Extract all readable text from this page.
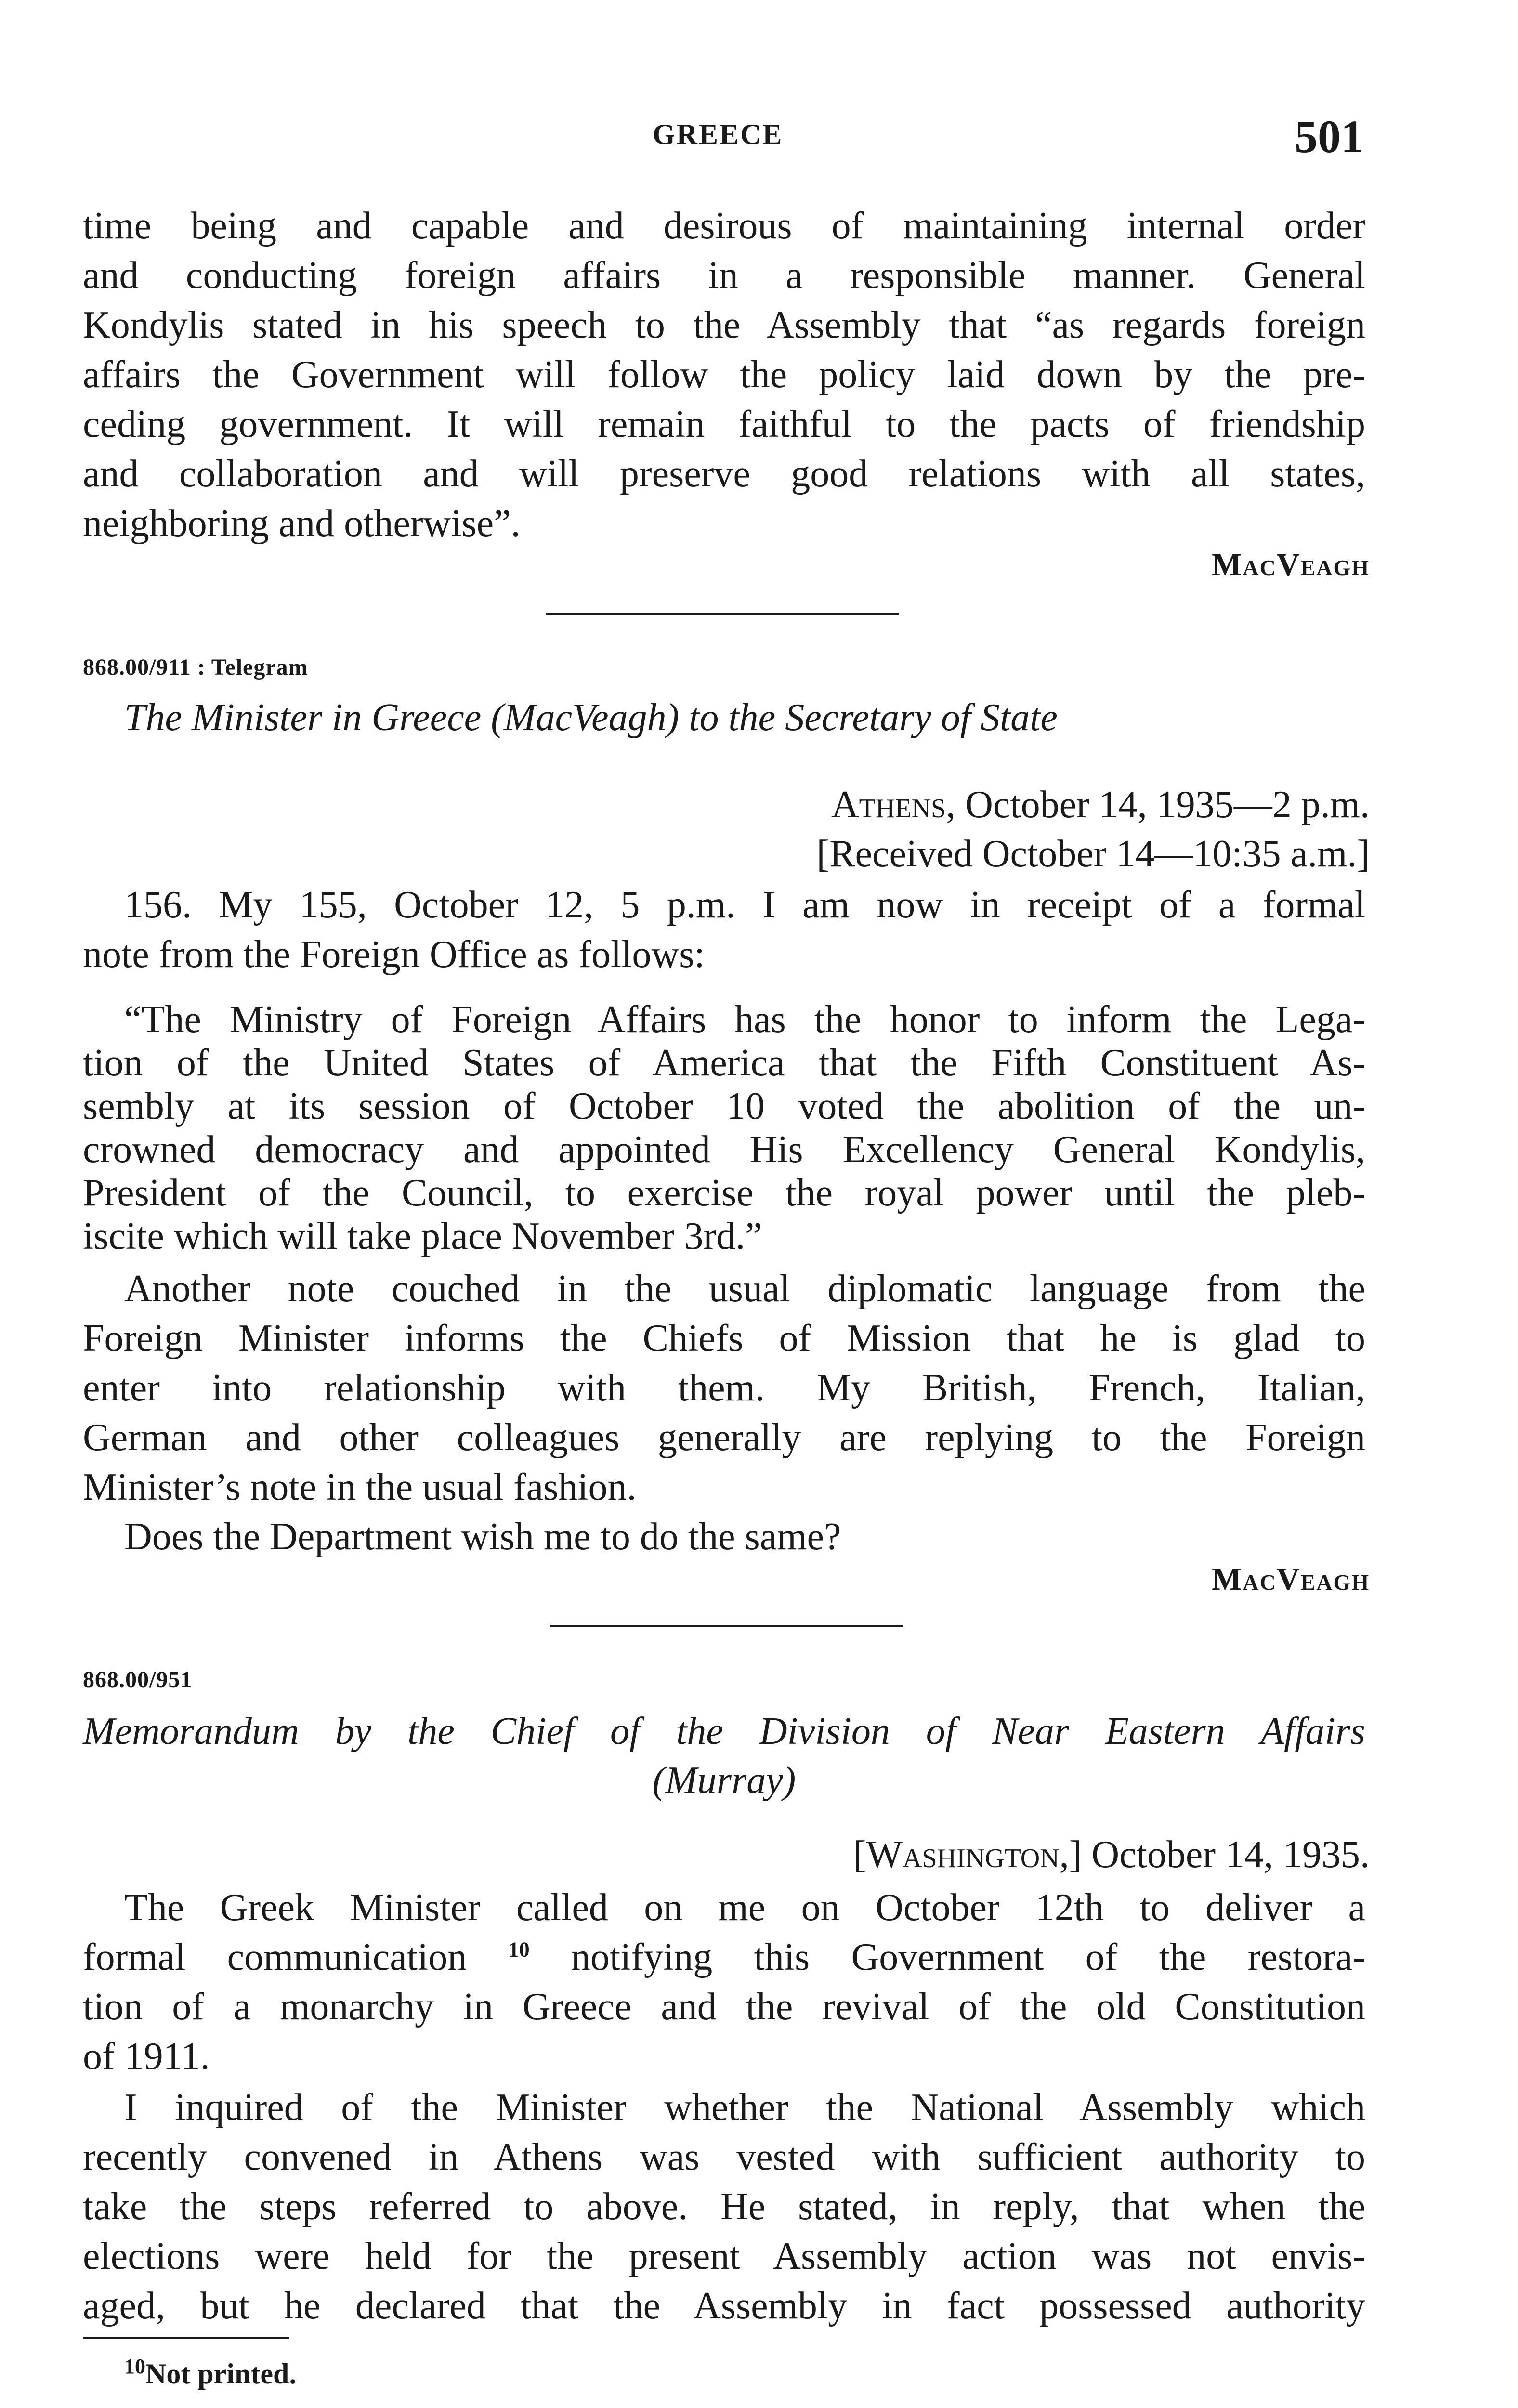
GREECE	501
time being and capable and desirous of maintaining internal order
and conducting foreign affairs in a responsible manner. General
Kondylis stated in his speech to the Assembly that “as regards foreign
affairs the Government will follow the policy laid down by the pre-
ceding government. It will remain faithful to the pacts of friendship
and collaboration and will preserve good relations with all states,
neighboring and otherwise”.
MacVeagh
868.00/911 : Telegram
The Minister in Greece (MacVeagh) to the Secretary of State
Athens, October 14, 1935—2 p.m.
[Received October 14—10:35 a.m.]
156. My 155, October 12, 5 p.m. I am now in receipt of a formal
note from the Foreign Office as follows:
“The Ministry of Foreign Affairs has the honor to inform the Lega-
tion of the United States of America that the Fifth Constituent As-
sembly at its session of October 10 voted the abolition of the un-
crowned democracy and appointed His Excellency General Kondylis,
President of the Council, to exercise the royal power until the pleb-
iscite which will take place November 3rd.”
Another note couched in the usual diplomatic language from the
Foreign Minister informs the Chiefs of Mission that he is glad to
enter into relationship with them. My British, French, Italian,
German and other colleagues generally are replying to the Foreign
Minister’s note in the usual fashion.
Does the Department wish me to do the same?
MacVeagh
868.00/951
Memorandum by the Chief of the Division of Near Eastern Affairs
(Murray)
[Washington,] October 14, 1935.
The Greek Minister called on me on October 12th to deliver a
formal communication $^{10}$ notifying this Government of the restora-
tion of a monarchy in Greece and the revival of the old Constitution
of 1911.
I inquired of the Minister whether the National Assembly which
recently convened in Athens was vested with sufficient authority to
take the steps referred to above. He stated, in reply, that when the
elections were held for the present Assembly action was not envis-
aged, but he declared that the Assembly in fact possessed authority
$^{10}$Not printed.
